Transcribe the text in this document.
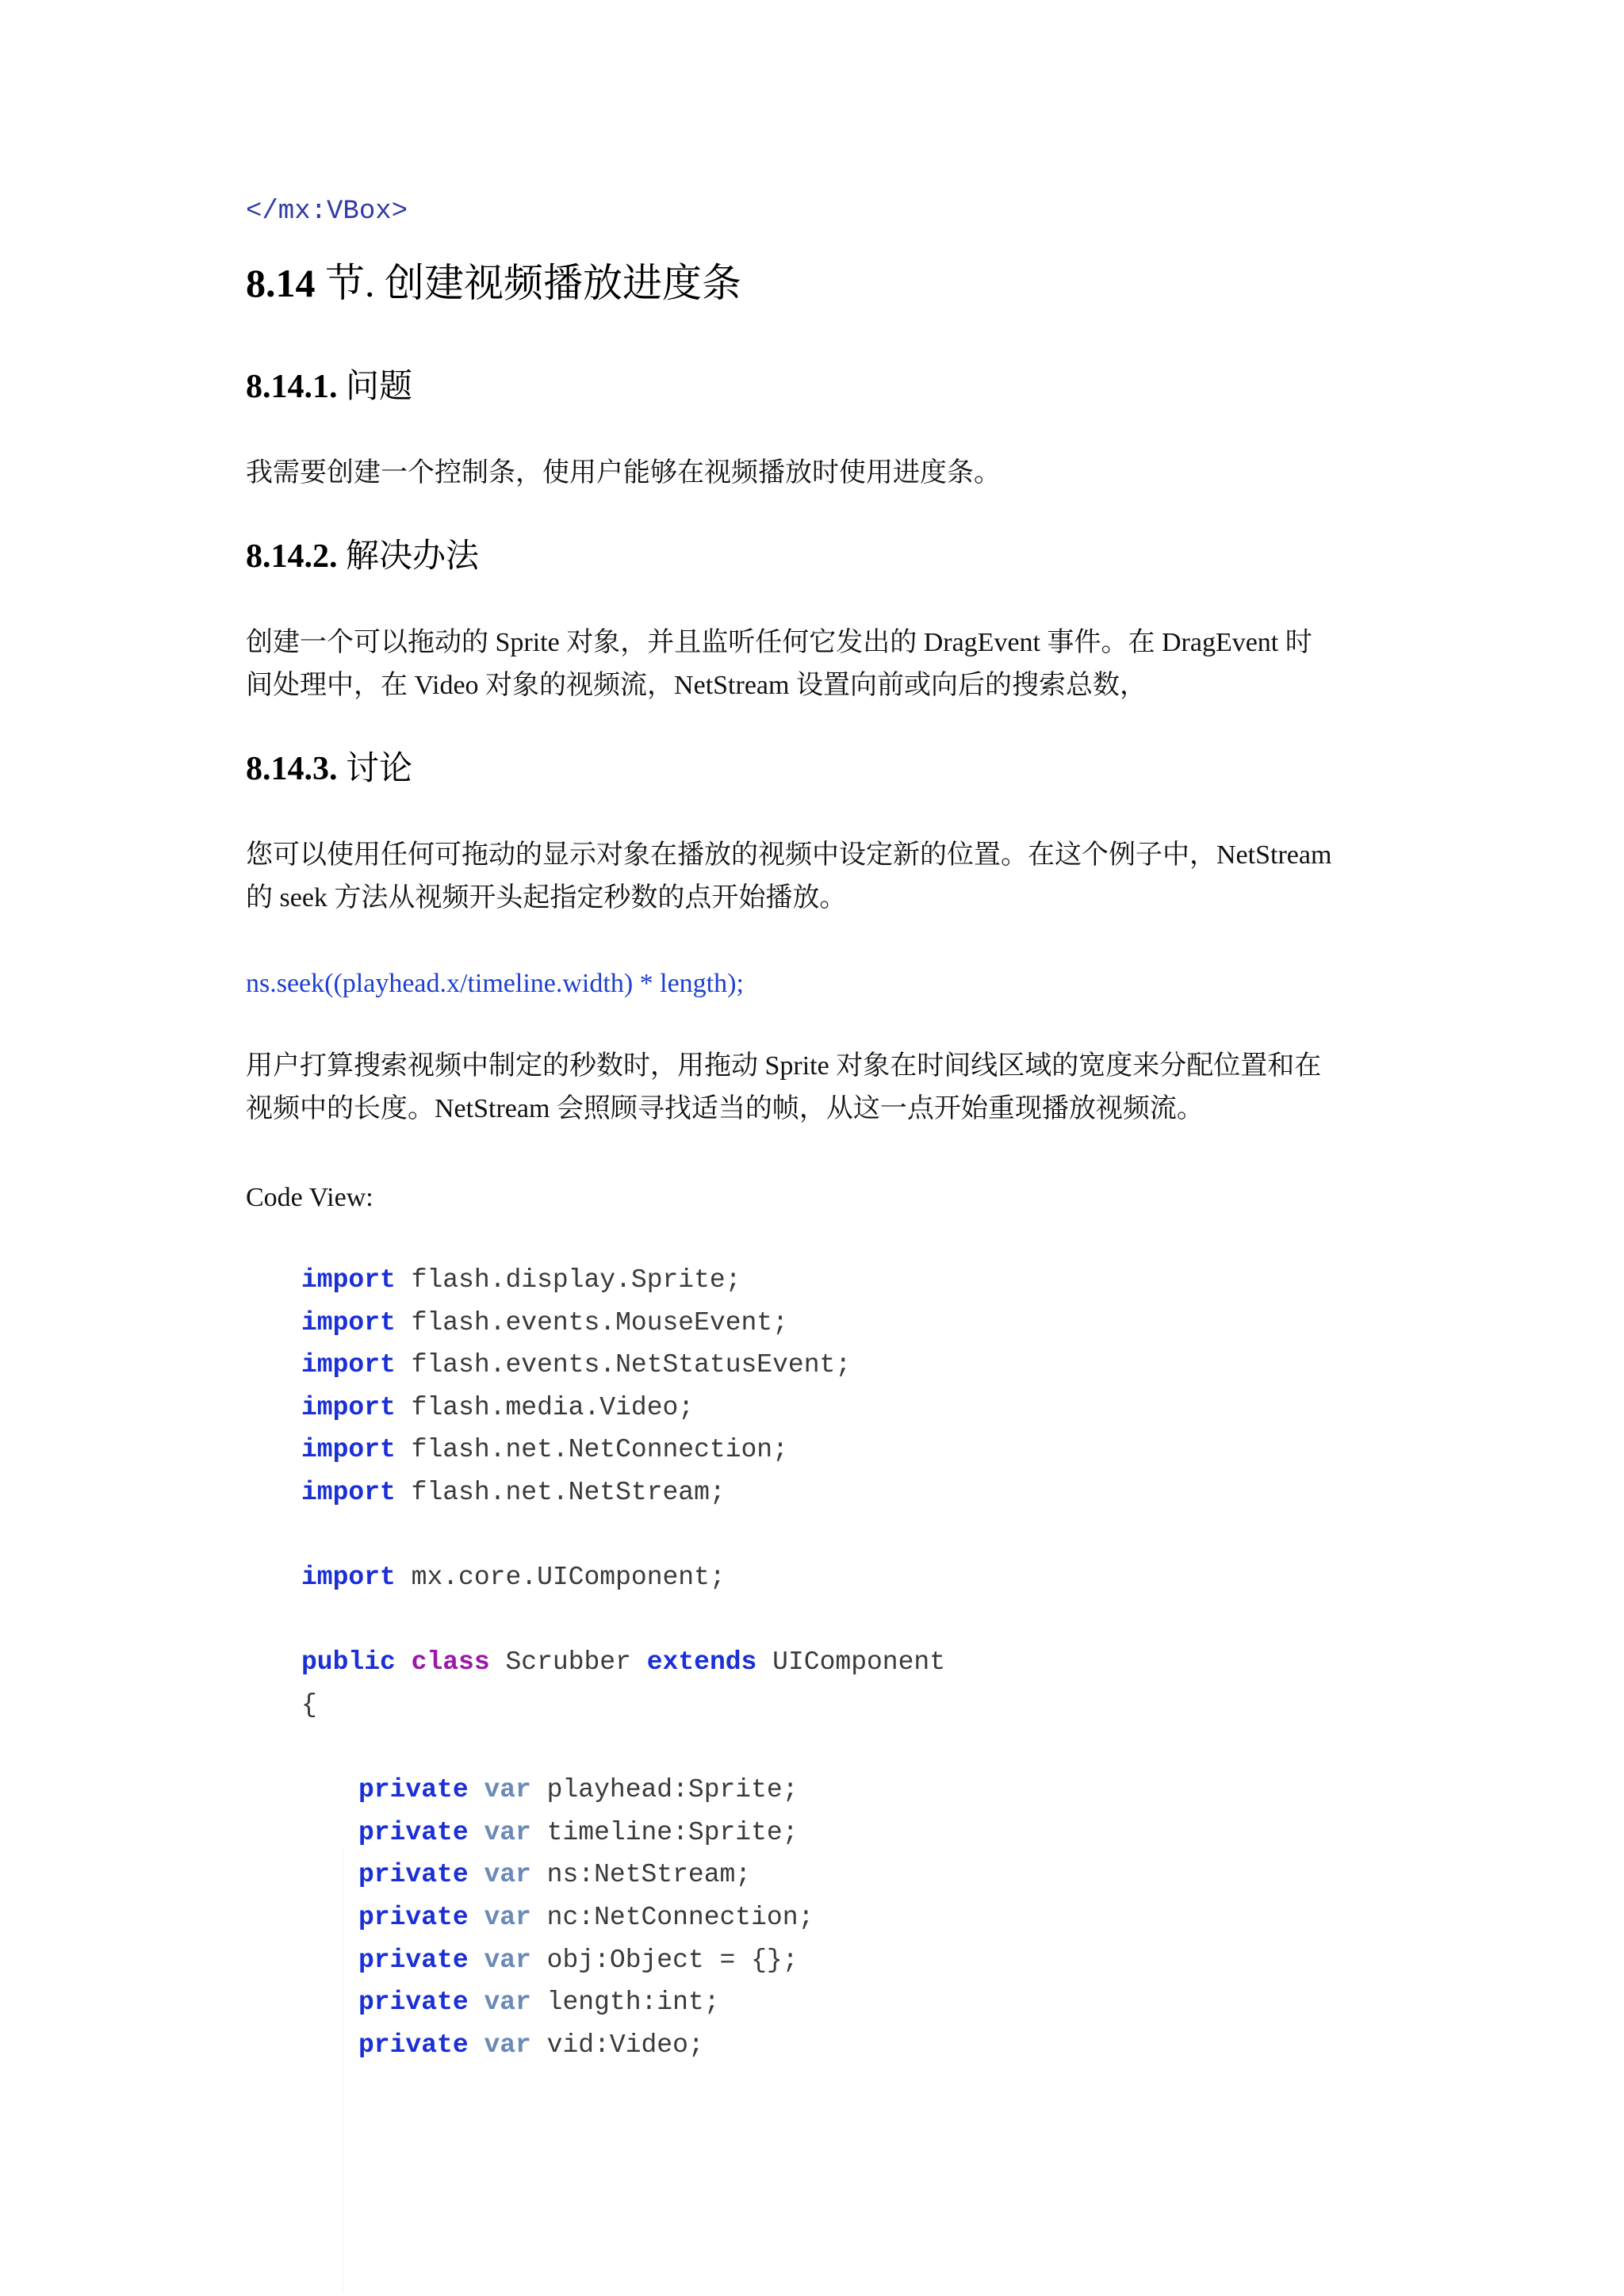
</mx:VBox>
8.14 节. 创建视频播放进度条
8.14.1. 问题
我需要创建一个控制条，使用户能够在视频播放时使用进度条。
8.14.2. 解决办法
创建一个可以拖动的 Sprite 对象，并且监听任何它发出的 DragEvent 事件。在 DragEvent 时
间处理中，在 Video 对象的视频流，NetStream 设置向前或向后的搜索总数，
8.14.3. 讨论
您可以使用任何可拖动的显示对象在播放的视频中设定新的位置。在这个例子中，NetStream
的 seek 方法从视频开头起指定秒数的点开始播放。
ns.seek((playhead.x/timeline.width) * length);
用户打算搜索视频中制定的秒数时，用拖动 Sprite 对象在时间线区域的宽度来分配位置和在
视频中的长度。NetStream 会照顾寻找适当的帧，从这一点开始重现播放视频流。
Code View:
import flash.display.Sprite;
import flash.events.MouseEvent;
import flash.events.NetStatusEvent;
import flash.media.Video;
import flash.net.NetConnection;
import flash.net.NetStream;
import mx.core.UIComponent;
public class Scrubber extends UIComponent
{
private var playhead:Sprite;
private var timeline:Sprite;
private var ns:NetStream;
private var nc:NetConnection;
private var obj:Object = {};
private var length:int;
private var vid:Video;
